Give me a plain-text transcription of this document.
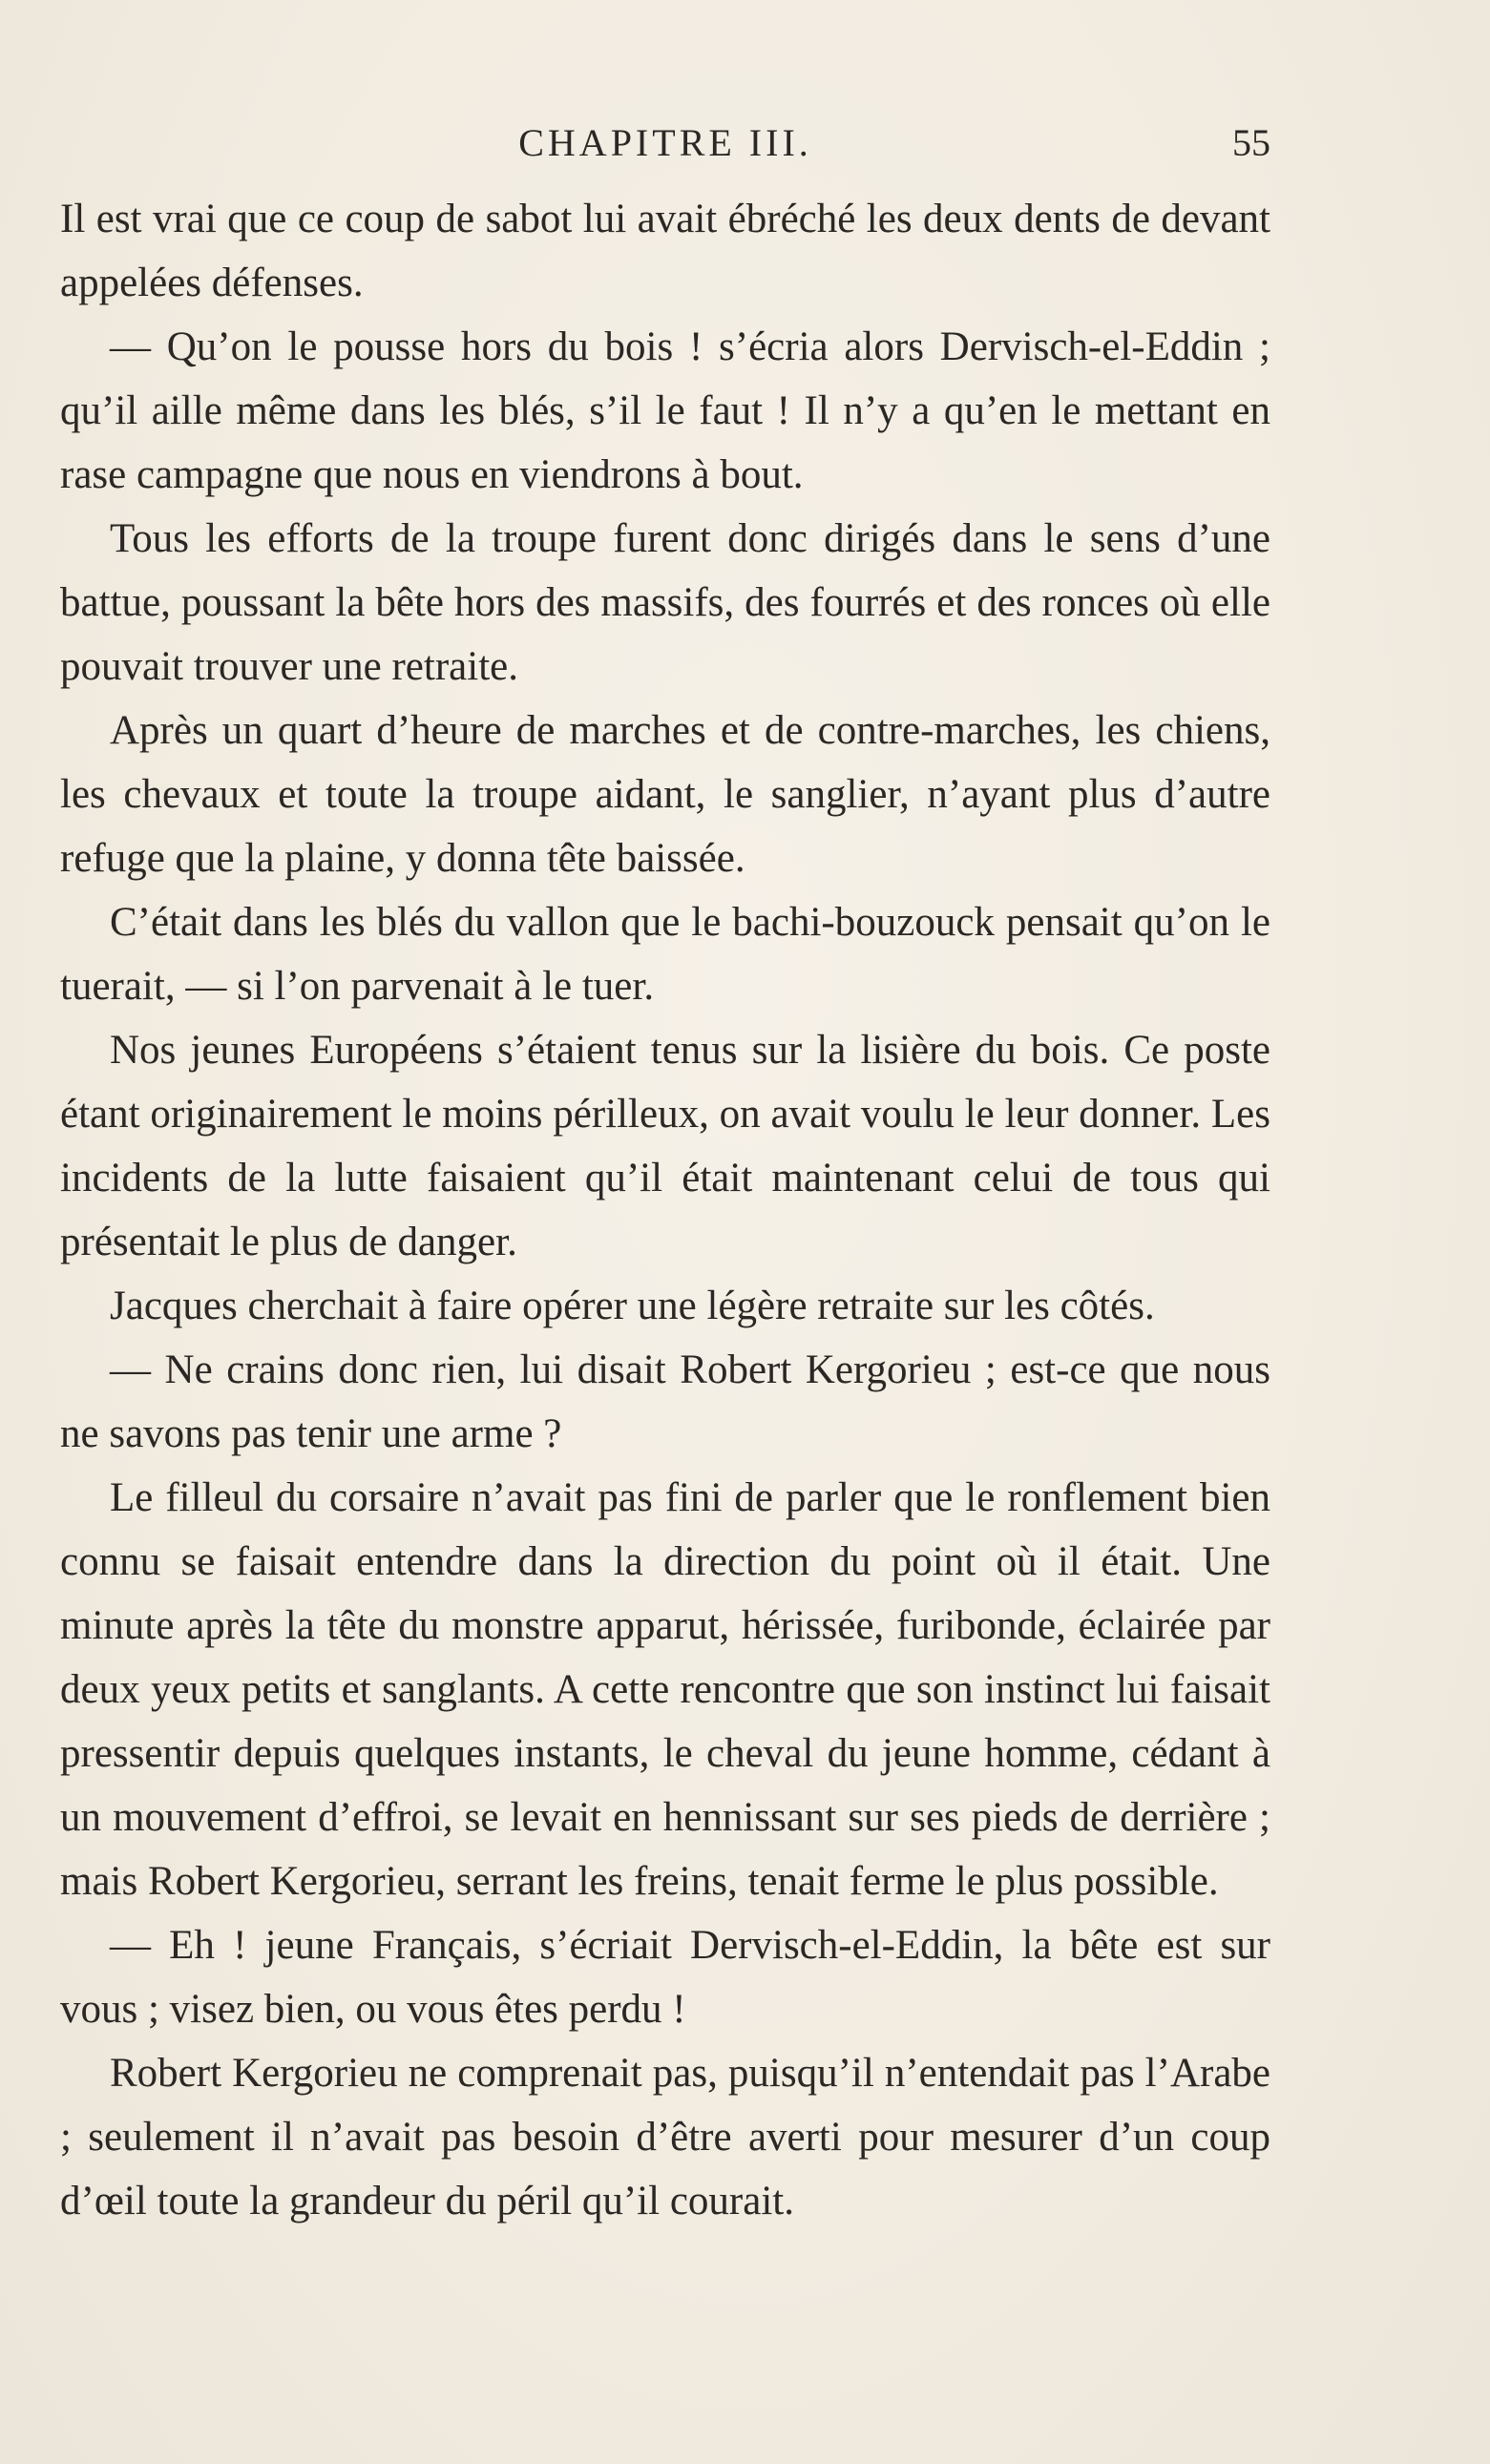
CHAPITRE III.	55

Il est vrai que ce coup de sabot lui avait ébréché les deux dents de devant appelées défenses.

— Qu’on le pousse hors du bois ! s’écria alors Dervisch-el-Eddin ; qu’il aille même dans les blés, s’il le faut ! Il n’y a qu’en le mettant en rase campagne que nous en viendrons à bout.

Tous les efforts de la troupe furent donc dirigés dans le sens d’une battue, poussant la bête hors des massifs, des fourrés et des ronces où elle pouvait trouver une retraite.

Après un quart d’heure de marches et de contre-marches, les chiens, les chevaux et toute la troupe aidant, le sanglier, n’ayant plus d’autre refuge que la plaine, y donna tête baissée.

C’était dans les blés du vallon que le bachi-bouzouck pensait qu’on le tuerait, — si l’on parvenait à le tuer.

Nos jeunes Européens s’étaient tenus sur la lisière du bois. Ce poste étant originairement le moins périlleux, on avait voulu le leur donner. Les incidents de la lutte faisaient qu’il était maintenant celui de tous qui présentait le plus de danger.

Jacques cherchait à faire opérer une légère retraite sur les côtés.

— Ne crains donc rien, lui disait Robert Kergorieu ; est-ce que nous ne savons pas tenir une arme ?

Le filleul du corsaire n’avait pas fini de parler que le ronflement bien connu se faisait entendre dans la direction du point où il était. Une minute après la tête du monstre apparut, hérissée, furibonde, éclairée par deux yeux petits et sanglants. A cette rencontre que son instinct lui faisait pressentir depuis quelques instants, le cheval du jeune homme, cédant à un mouvement d’effroi, se levait en hennissant sur ses pieds de derrière ; mais Robert Kergorieu, serrant les freins, tenait ferme le plus possible.

— Eh ! jeune Français, s’écriait Dervisch-el-Eddin, la bête est sur vous ; visez bien, ou vous êtes perdu !

Robert Kergorieu ne comprenait pas, puisqu’il n’entendait pas l’Arabe ; seulement il n’avait pas besoin d’être averti pour mesurer d’un coup d’œil toute la grandeur du péril qu’il courait.
